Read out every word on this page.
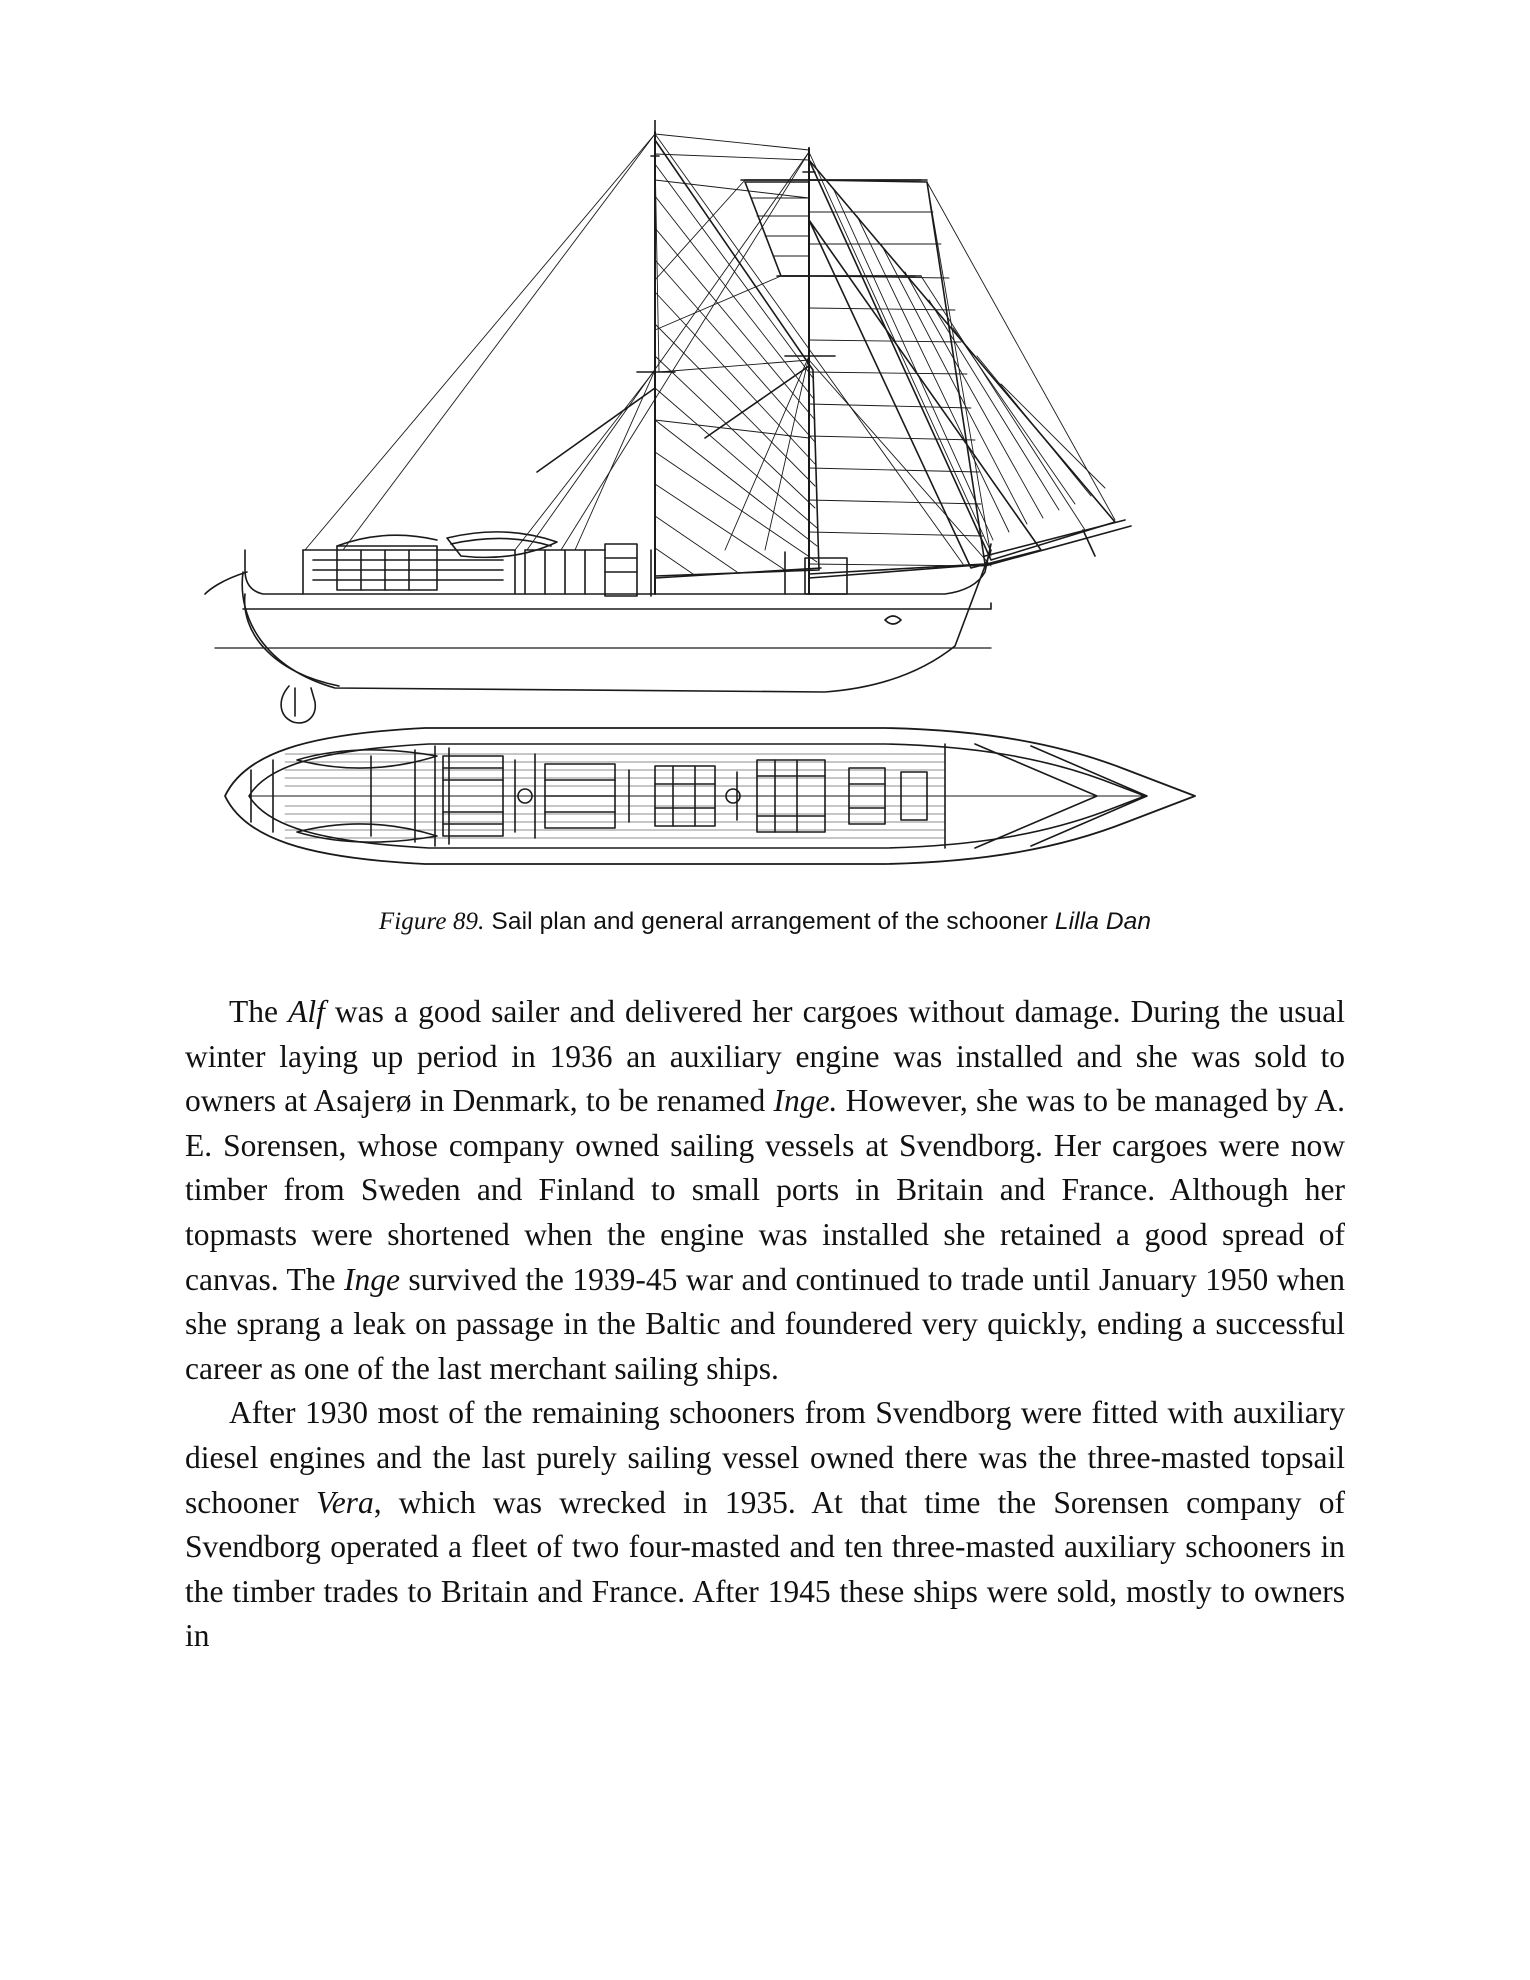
Figure 89. Sail plan and general arrangement of the schooner Lilla Dan

The Alf was a good sailer and delivered her cargoes without damage. During the usual winter laying up period in 1936 an auxiliary engine was installed and she was sold to owners at Asajerø in Denmark, to be renamed Inge. However, she was to be managed by A. E. Sorensen, whose company owned sailing vessels at Svendborg. Her cargoes were now timber from Sweden and Finland to small ports in Britain and France. Although her topmasts were shortened when the engine was installed she retained a good spread of canvas. The Inge survived the 1939-45 war and continued to trade until January 1950 when she sprang a leak on passage in the Baltic and foundered very quickly, ending a successful career as one of the last merchant sailing ships.

After 1930 most of the remaining schooners from Svendborg were fitted with auxiliary diesel engines and the last purely sailing vessel owned there was the three-masted topsail schooner Vera, which was wrecked in 1935. At that time the Sorensen company of Svendborg operated a fleet of two four-masted and ten three-masted auxiliary schooners in the timber trades to Britain and France. After 1945 these ships were sold, mostly to owners in
